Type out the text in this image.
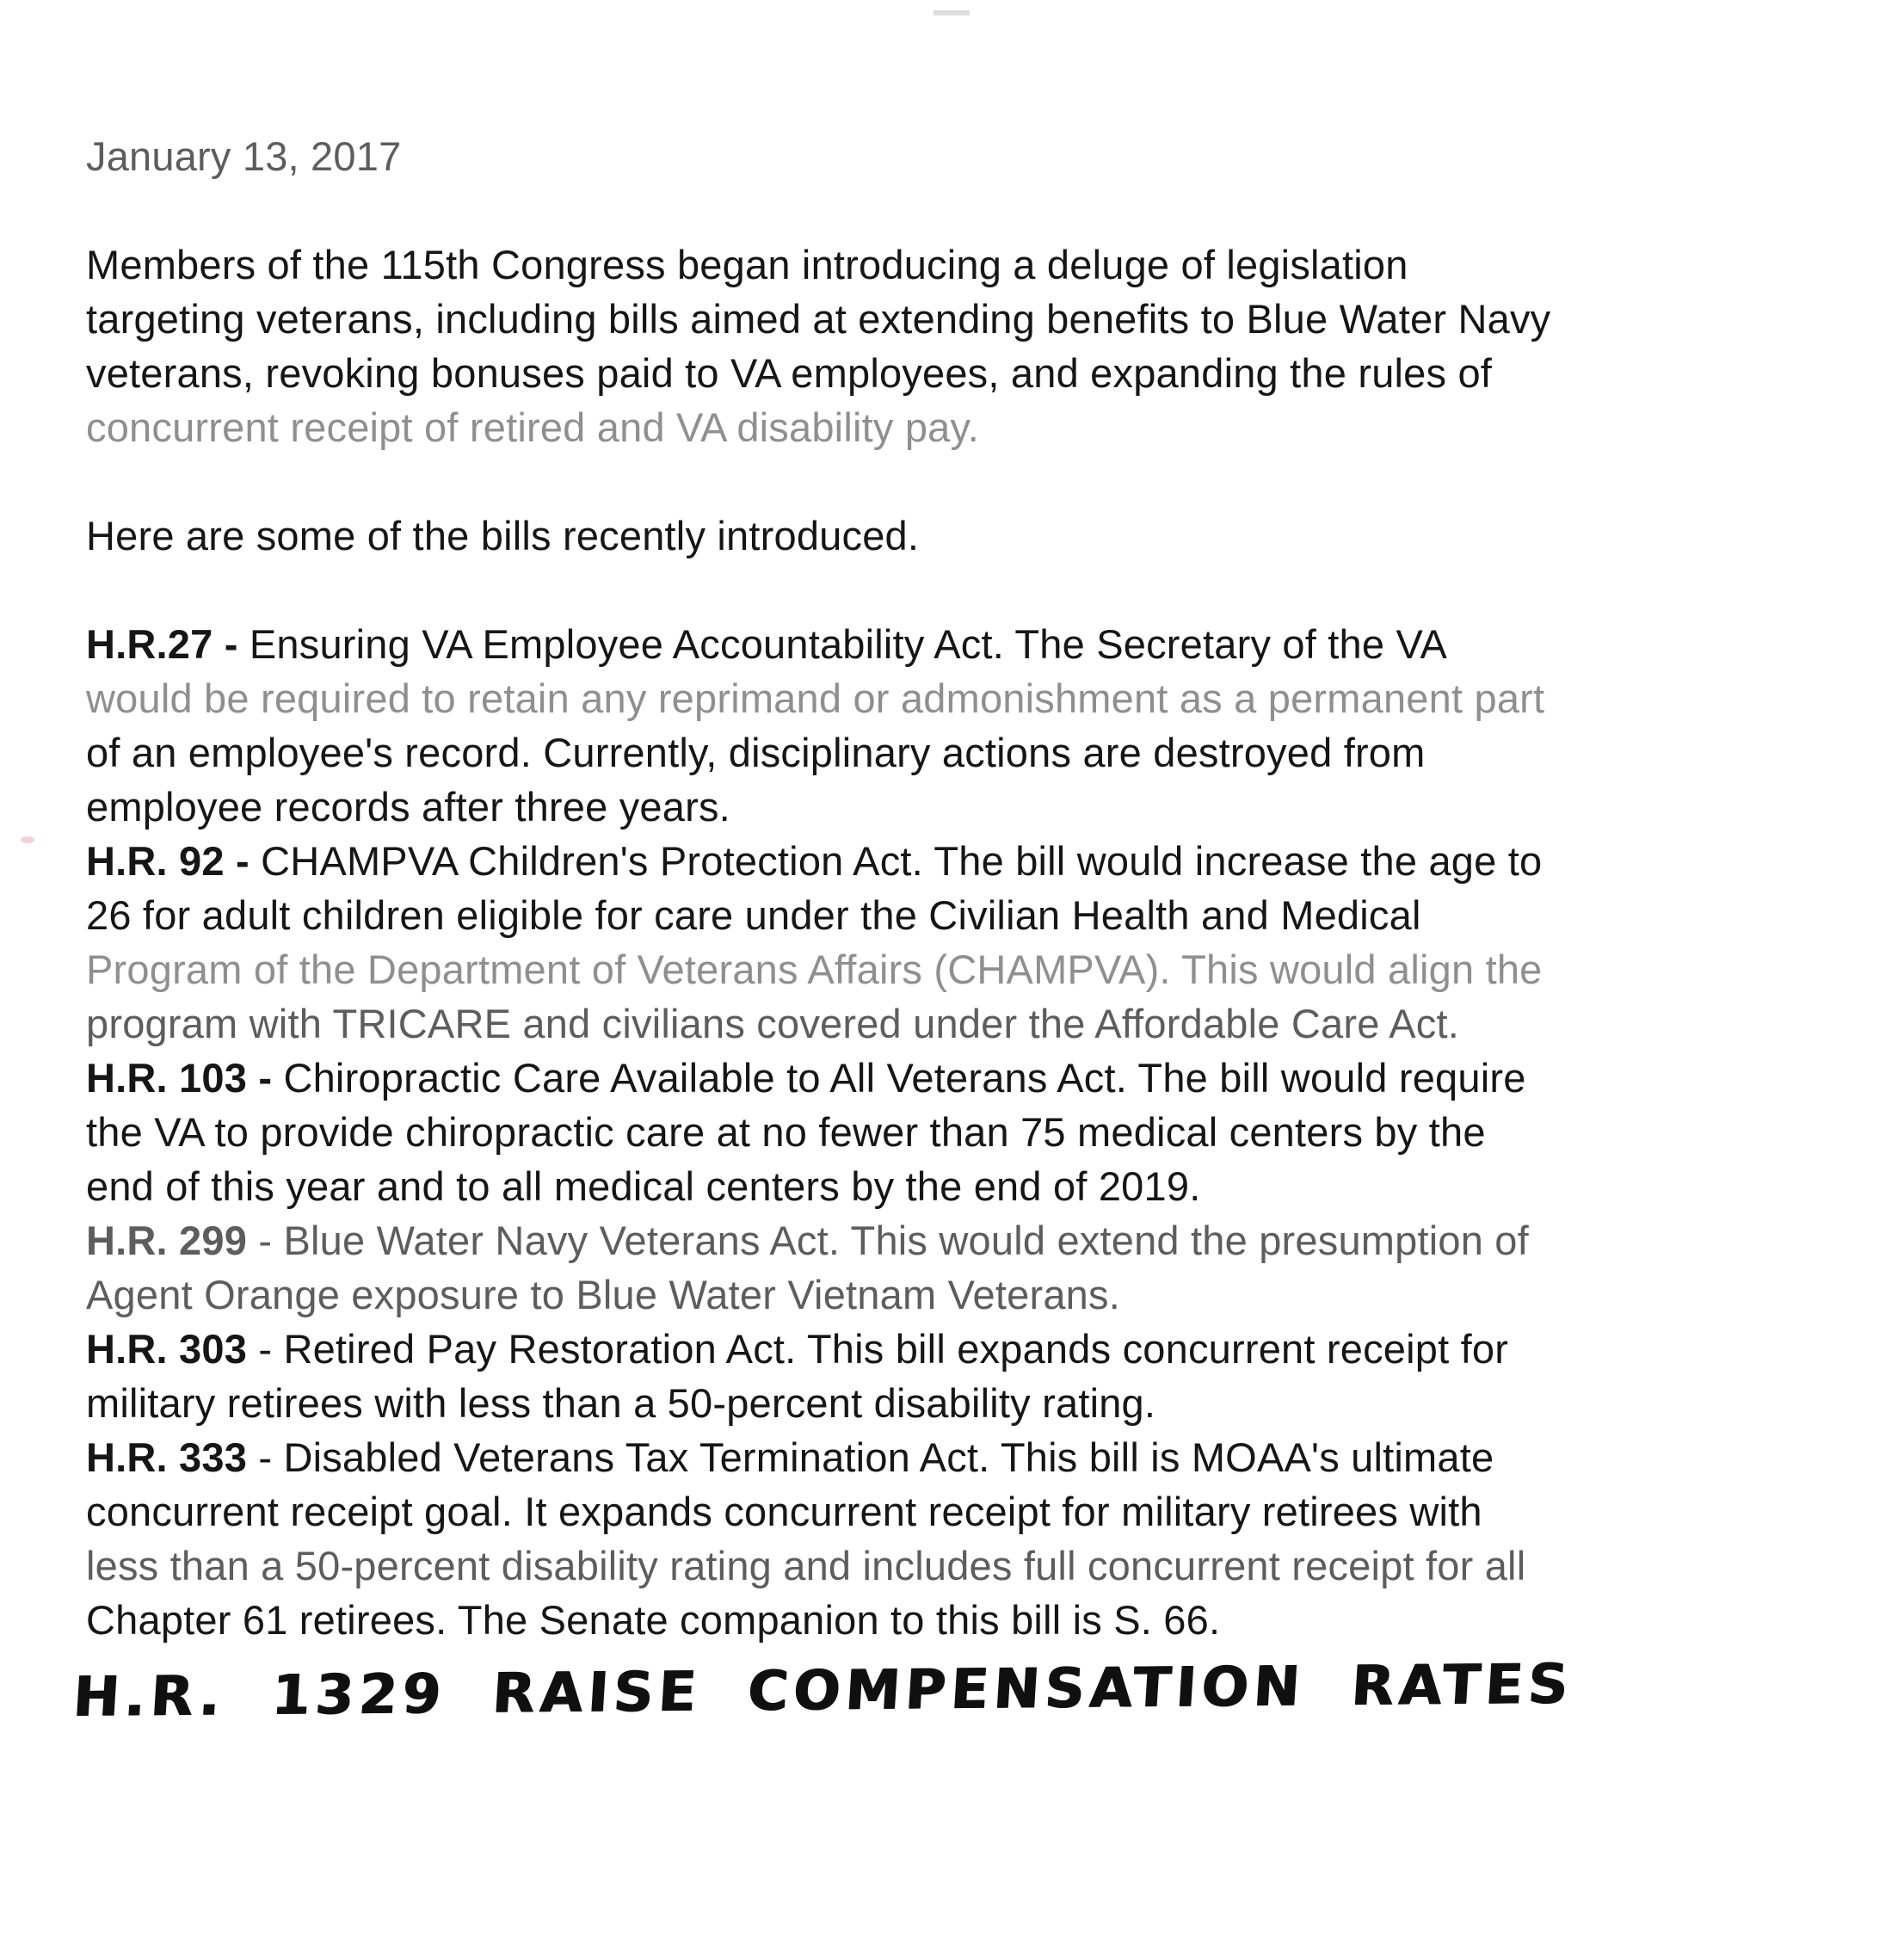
January 13, 2017
Members of the 115th Congress began introducing a deluge of legislation
targeting veterans, including bills aimed at extending benefits to Blue Water Navy
veterans, revoking bonuses paid to VA employees, and expanding the rules of
concurrent receipt of retired and VA disability pay.
Here are some of the bills recently introduced.
H.R.27 - Ensuring VA Employee Accountability Act. The Secretary of the VA
would be required to retain any reprimand or admonishment as a permanent part
of an employee's record. Currently, disciplinary actions are destroyed from
employee records after three years.
H.R. 92 - CHAMPVA Children's Protection Act. The bill would increase the age to
26 for adult children eligible for care under the Civilian Health and Medical
Program of the Department of Veterans Affairs (CHAMPVA). This would align the
program with TRICARE and civilians covered under the Affordable Care Act.
H.R. 103 - Chiropractic Care Available to All Veterans Act. The bill would require
the VA to provide chiropractic care at no fewer than 75 medical centers by the
end of this year and to all medical centers by the end of 2019.
H.R. 299 - Blue Water Navy Veterans Act. This would extend the presumption of
Agent Orange exposure to Blue Water Vietnam Veterans.
H.R. 303 - Retired Pay Restoration Act. This bill expands concurrent receipt for
military retirees with less than a 50-percent disability rating.
H.R. 333 - Disabled Veterans Tax Termination Act. This bill is MOAA's ultimate
concurrent receipt goal. It expands concurrent receipt for military retirees with
less than a 50-percent disability rating and includes full concurrent receipt for all
Chapter 61 retirees. The Senate companion to this bill is S. 66.
H.R. 1329 RAISE COMPENSATION RATES
